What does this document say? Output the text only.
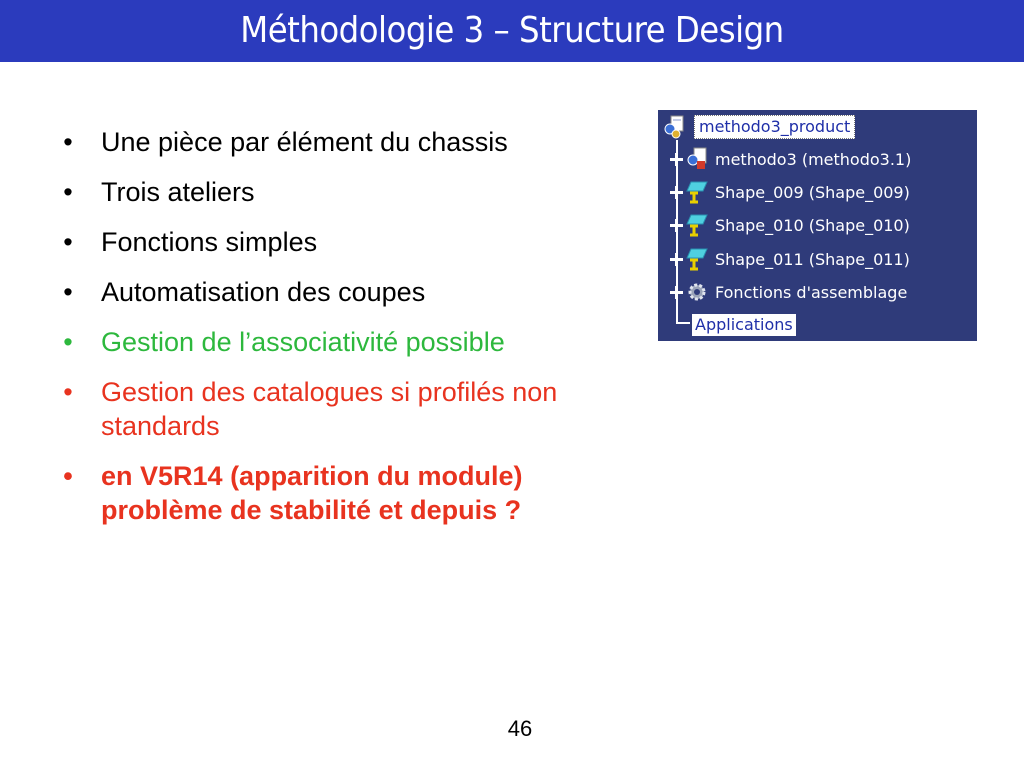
Méthodologie 3 – Structure Design
• Une pièce par élément du chassis
• Trois ateliers
• Fonctions simples
• Automatisation des coupes
• Gestion de l’associativité possible
• Gestion des catalogues si profilés non standards
• en V5R14 (apparition du module) problème de stabilité et depuis ?
methodo3_product
methodo3 (methodo3.1)
Shape_009 (Shape_009)
Shape_010 (Shape_010)
Shape_011 (Shape_011)
Fonctions d'assemblage
Applications
46
